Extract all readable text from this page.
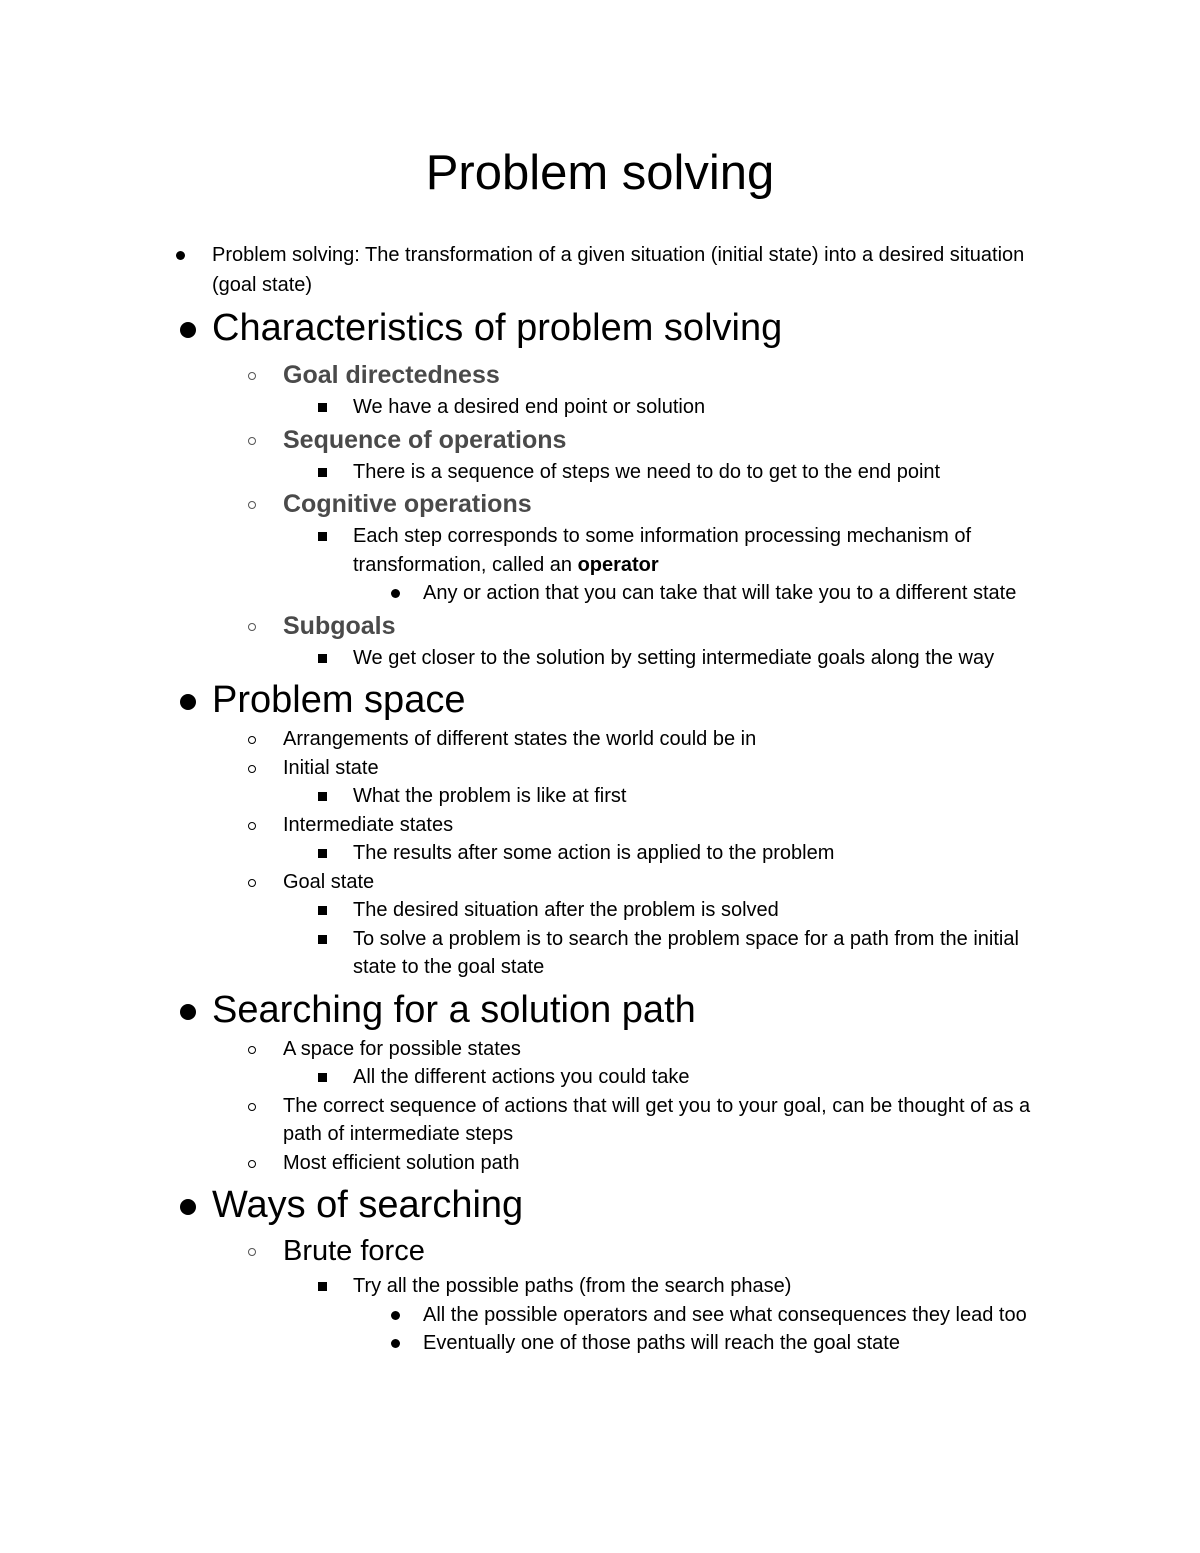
Problem solving
Problem solving: The transformation of a given situation (initial state) into a desired situation (goal state)
Characteristics of problem solving
Goal directedness
We have a desired end point or solution
Sequence of operations
There is a sequence of steps we need to do to get to the end point
Cognitive operations
Each step corresponds to some information processing mechanism of transformation, called an operator
Any or action that you can take that will take you to a different state
Subgoals
We get closer to the solution by setting intermediate goals along the way
Problem space
Arrangements of different states the world could be in
Initial state
What the problem is like at first
Intermediate states
The results after some action is applied to the problem
Goal state
The desired situation after the problem is solved
To solve a problem is to search the problem space for a path from the initial state to the goal state
Searching for a solution path
A space for possible states
All the different actions you could take
The correct sequence of actions that will get you to your goal, can be thought of as a path of intermediate steps
Most efficient solution path
Ways of searching
Brute force
Try all the possible paths (from the search phase)
All the possible operators and see what consequences they lead too
Eventually one of those paths will reach the goal state
